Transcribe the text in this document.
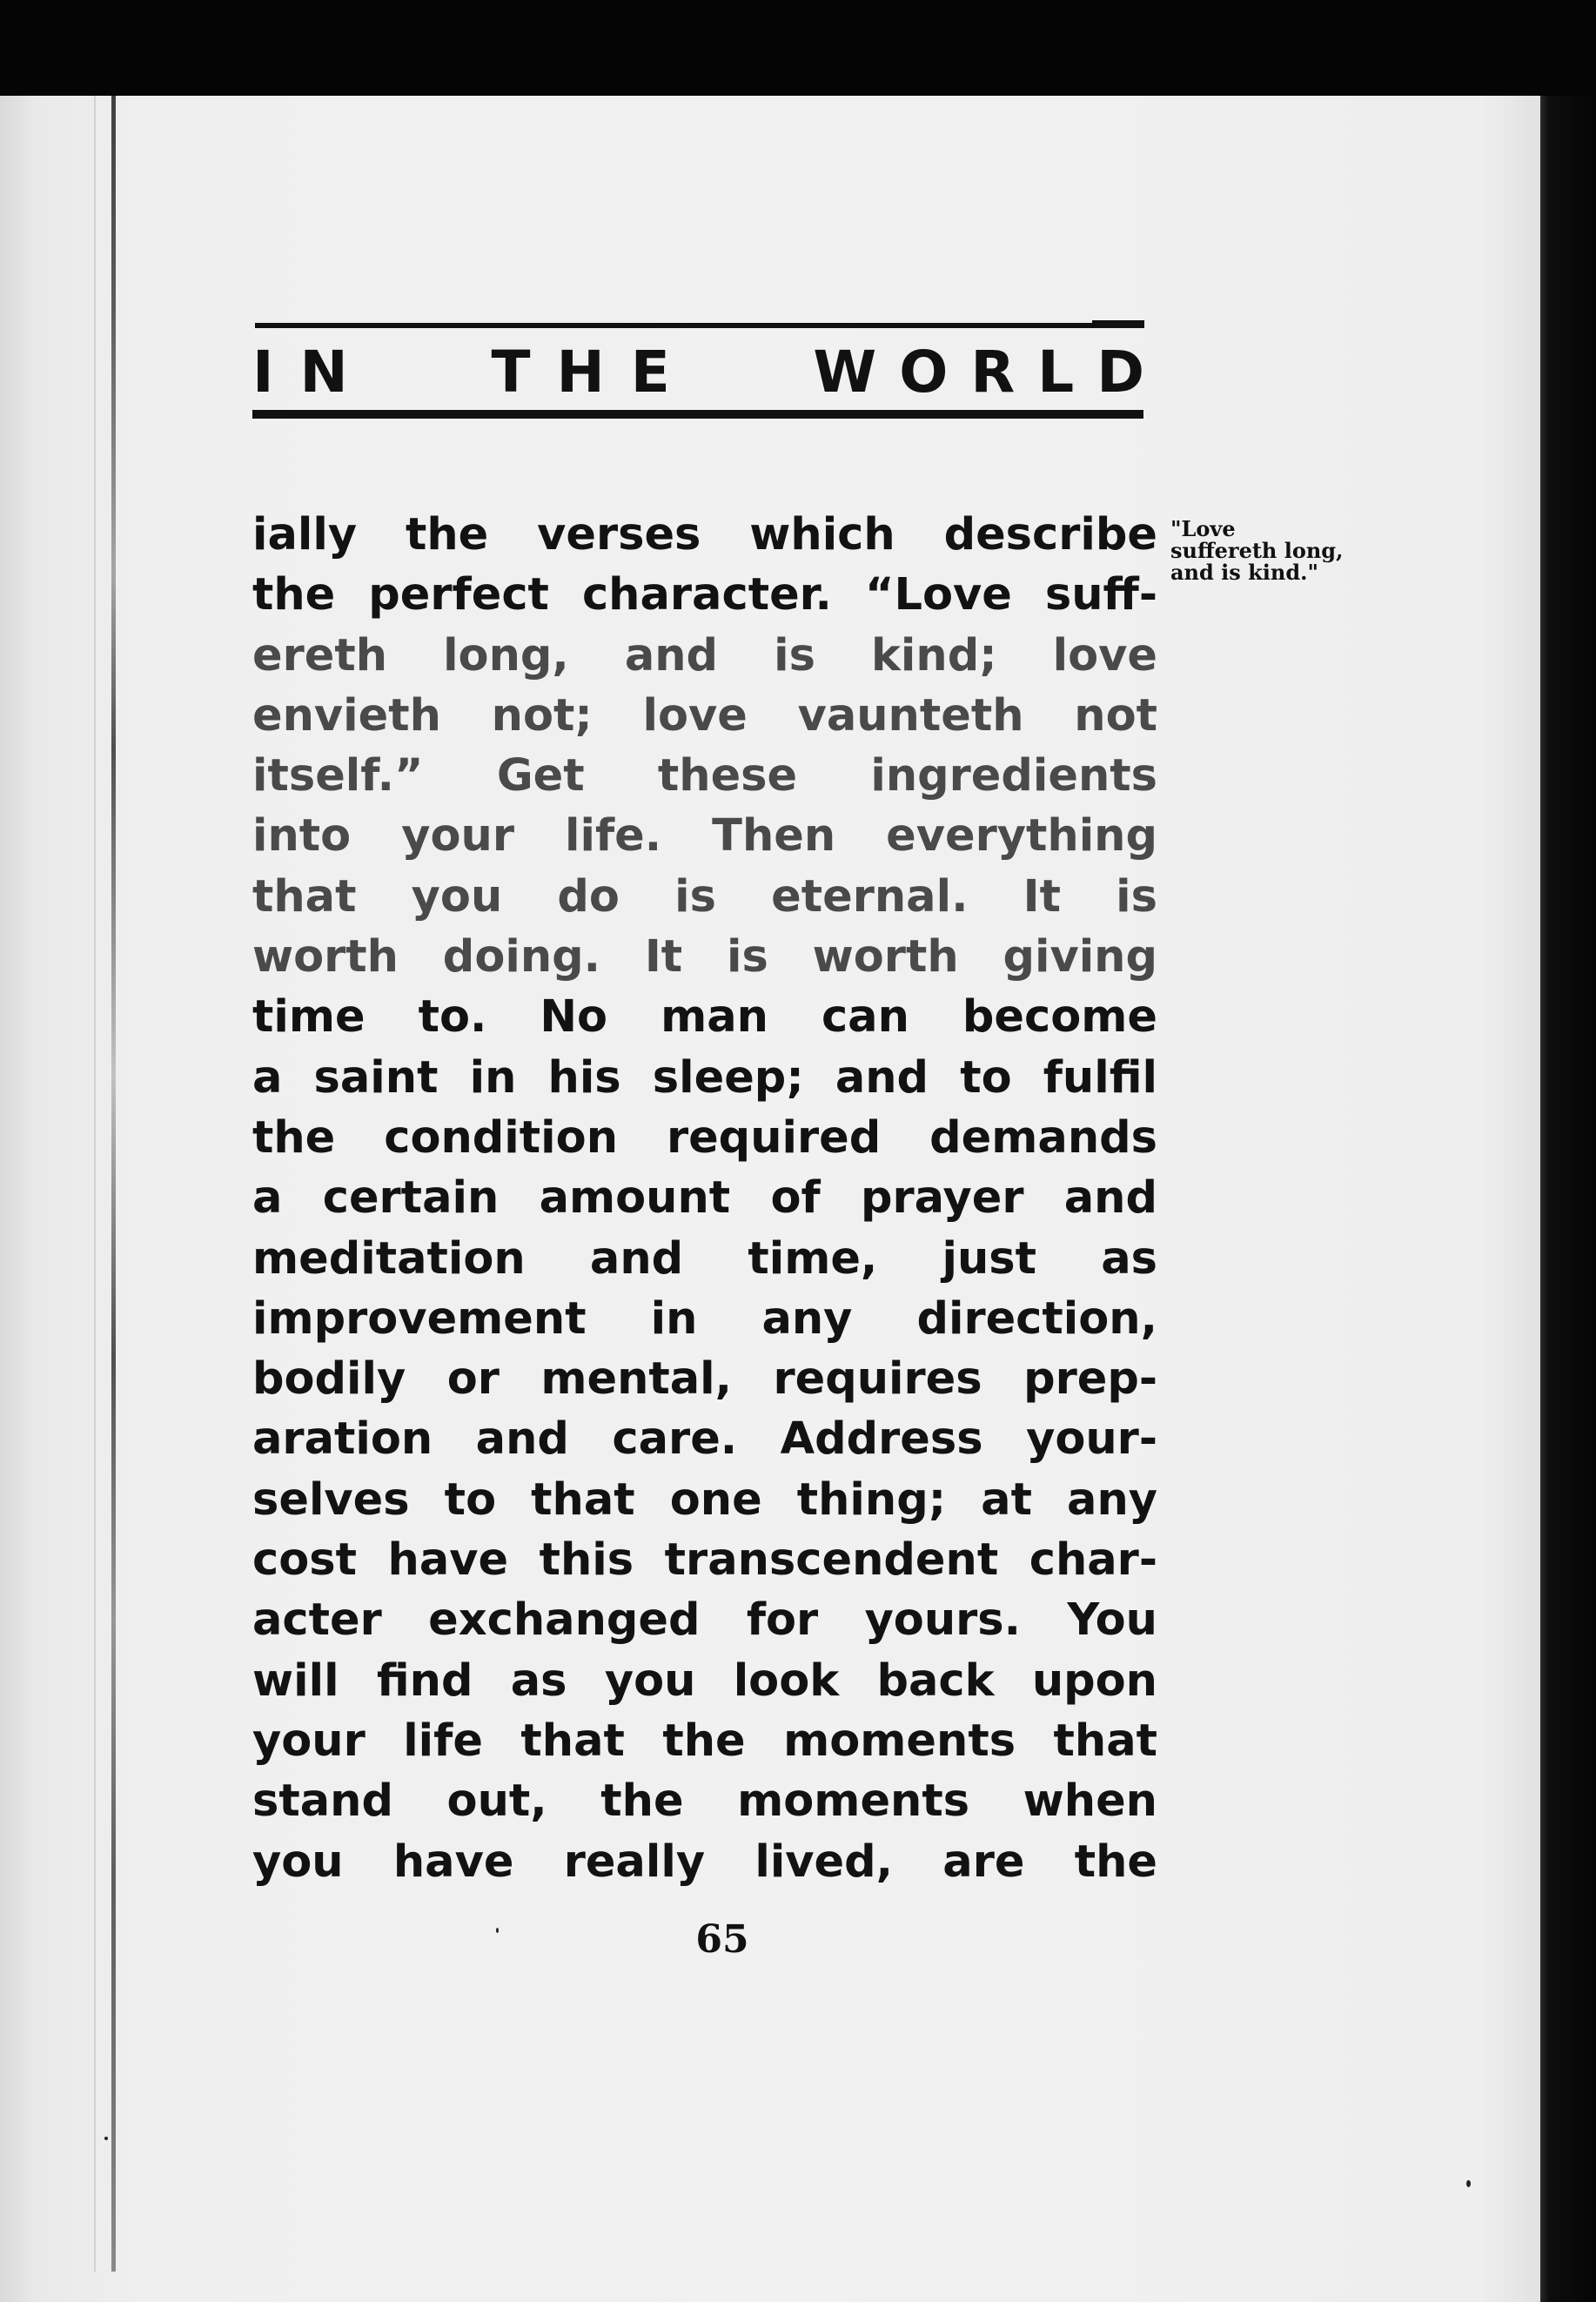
IN THE WORLD
ially the verses which describe
the perfect character. “Love suff-
ereth long, and is kind; love
envieth not; love vaunteth not
itself.” Get these ingredients
into your life. Then everything
that you do is eternal. It is
worth doing. It is worth giving
time to. No man can become
a saint in his sleep; and to fulfil
the condition required demands
a certain amount of prayer and
meditation and time, just as
improvement in any direction,
bodily or mental, requires prep-
aration and care. Address your-
selves to that one thing; at any
cost have this transcendent char-
acter exchanged for yours. You
will find as you look back upon
your life that the moments that
stand out, the moments when
you have really lived, are the
"Love
suffereth long,
and is kind."
65
